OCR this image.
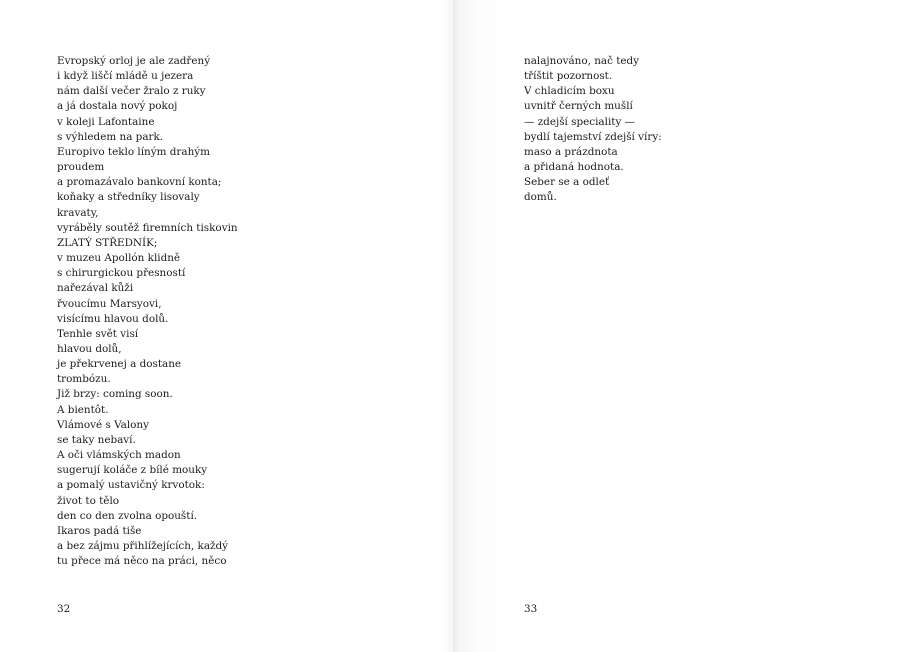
Evropský orloj je ale zadřený
i když liščí mládě u jezera
nám další večer žralo z ruky
a já dostala nový pokoj
v koleji Lafontaine
s výhledem na park.
Europivo teklo líným drahým
proudem
a promazávalo bankovní konta;
koňaky a středníky lisovaly
kravaty,
vyráběly soutěž firemních tiskovin
ZLATÝ STŘEDNÍK;
v muzeu Apollón klidně
s chirurgickou přesností
nařezával kůži
řvoucímu Marsyovi,
visícímu hlavou dolů.
Tenhle svět visí
hlavou dolů,
je překrvenej a dostane
trombózu.
Již brzy: coming soon.
A bientôt.
Vlámové s Valony
se taky nebaví.
A oči vlámských madon
sugerují koláče z bílé mouky
a pomalý ustavičný krvotok:
život to tělo
den co den zvolna opouští.
Ikaros padá tiše
a bez zájmu přihlížejících, každý
tu přece má něco na práci, něco
32
nalajnováno, nač tedy
tříštit pozornost.
V chladicím boxu
uvnitř černých mušlí
— zdejší speciality —
bydlí tajemství zdejší víry:
maso a prázdnota
a přidaná hodnota.
Seber se a odleť
domů.
33
